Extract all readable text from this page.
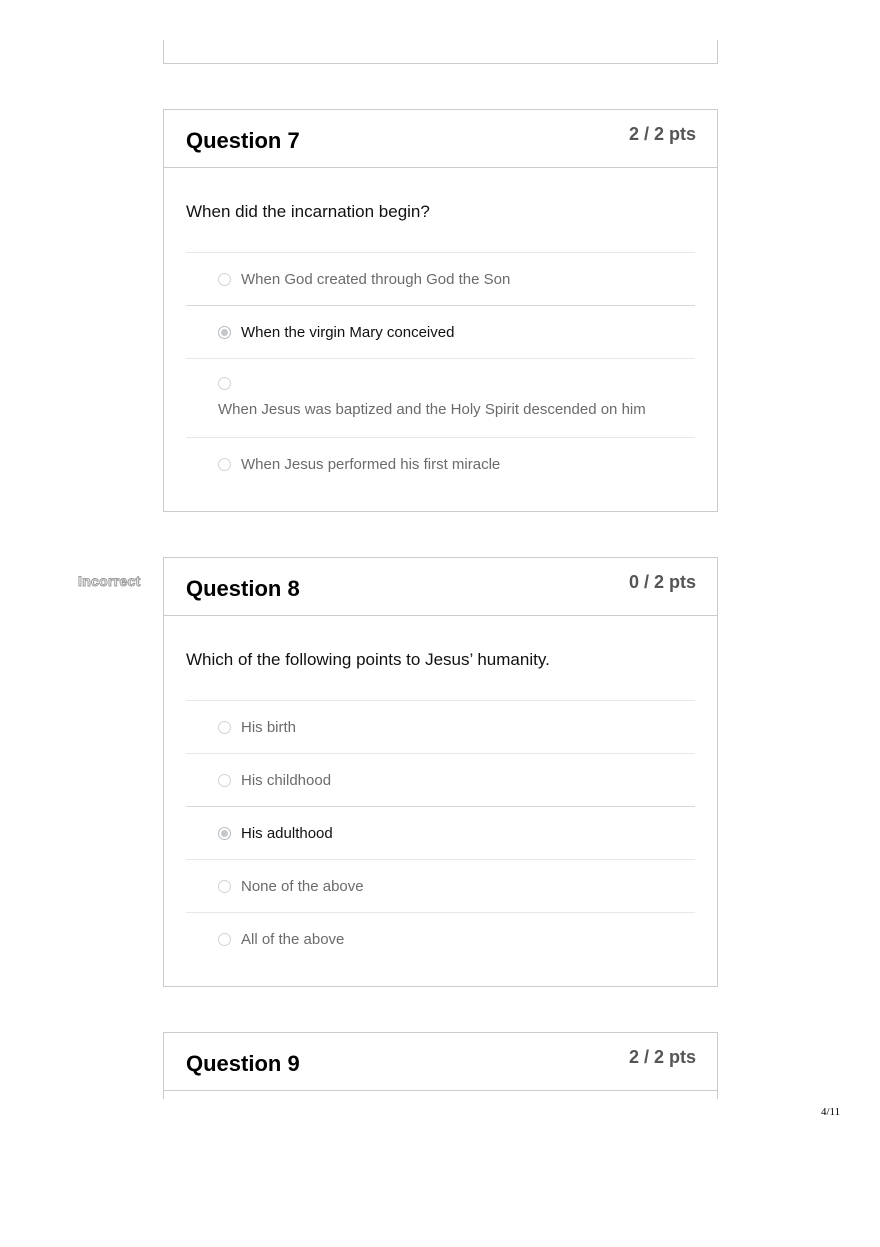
Question 7	2 / 2 pts
When did the incarnation begin?
When God created through God the Son
When the virgin Mary conceived
When Jesus was baptized and the Holy Spirit descended on him
When Jesus performed his first miracle
Incorrect Question 8	0 / 2 pts
Which of the following points to Jesus’ humanity.
His birth
His childhood
His adulthood
None of the above
All of the above
Question 9	2 / 2 pts
4/11
